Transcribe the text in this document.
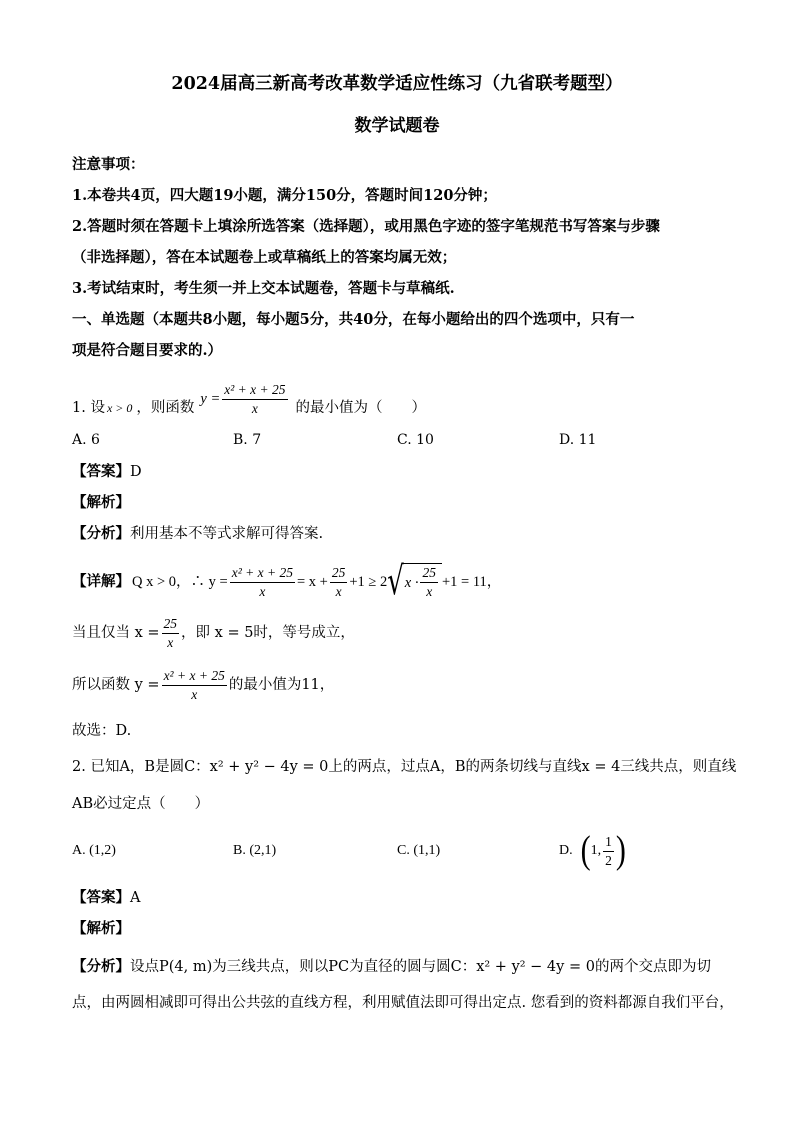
2024届高三新高考改革数学适应性练习（九省联考题型）
数学试题卷
注意事项：
1.本卷共4页，四大题19小题，满分150分，答题时间120分钟；
2.答题时须在答题卡上填涂所选答案（选择题），或用黑色字迹的签字笔规范书写答案与步骤
（非选择题），答在本试题卷上或草稿纸上的答案均属无效；
3.考试结束时，考生须一并上交本试题卷，答题卡与草稿纸.
一、单选题（本题共8小题，每小题5分，共40分，在每小题给出的四个选项中，只有一
项是符合题目要求的.）
1. 设 x > 0 ，则函数
$y = \frac{\text{x² + x + 25}}{x}$ 的最小值为（　　）
A. 6	B. 7	C. 10	D. 11
【答案】D
【解析】
【分析】利用基本不等式求解可得答案.
【详解】 Q x > 0，∴ $y = \frac{\text{x² + x + 25}}{x} = x + \frac{25}{x} +1 \ge 2$ √ $x \cdot \frac{25}{x} +1 = 11$，
当且仅当 $x = \frac{25}{x}$ ，即 x = 5时，等号成立，
所以函数 $y = \frac{\text{x² + x + 25}}{x}$ 的最小值为11，
故选：D.
2. 已知A，B是圆C：x² + y² − 4y = 0上的两点，过点A，B的两条切线与直线x = 4三线共点，则直线
AB必过定点（　　）
A. (1,2)	B. (2,1)	C. (1,1)	D. ( 1, $\frac{1}{2}$ )
【答案】A
【解析】
【分析】设点P(4, m)为三线共点，则以PC为直径的圆与圆C：x² + y² − 4y = 0的两个交点即为切
点，由两圆相减即可得出公共弦的直线方程，利用赋值法即可得出定点. 您看到的资料都源自我们平台，
